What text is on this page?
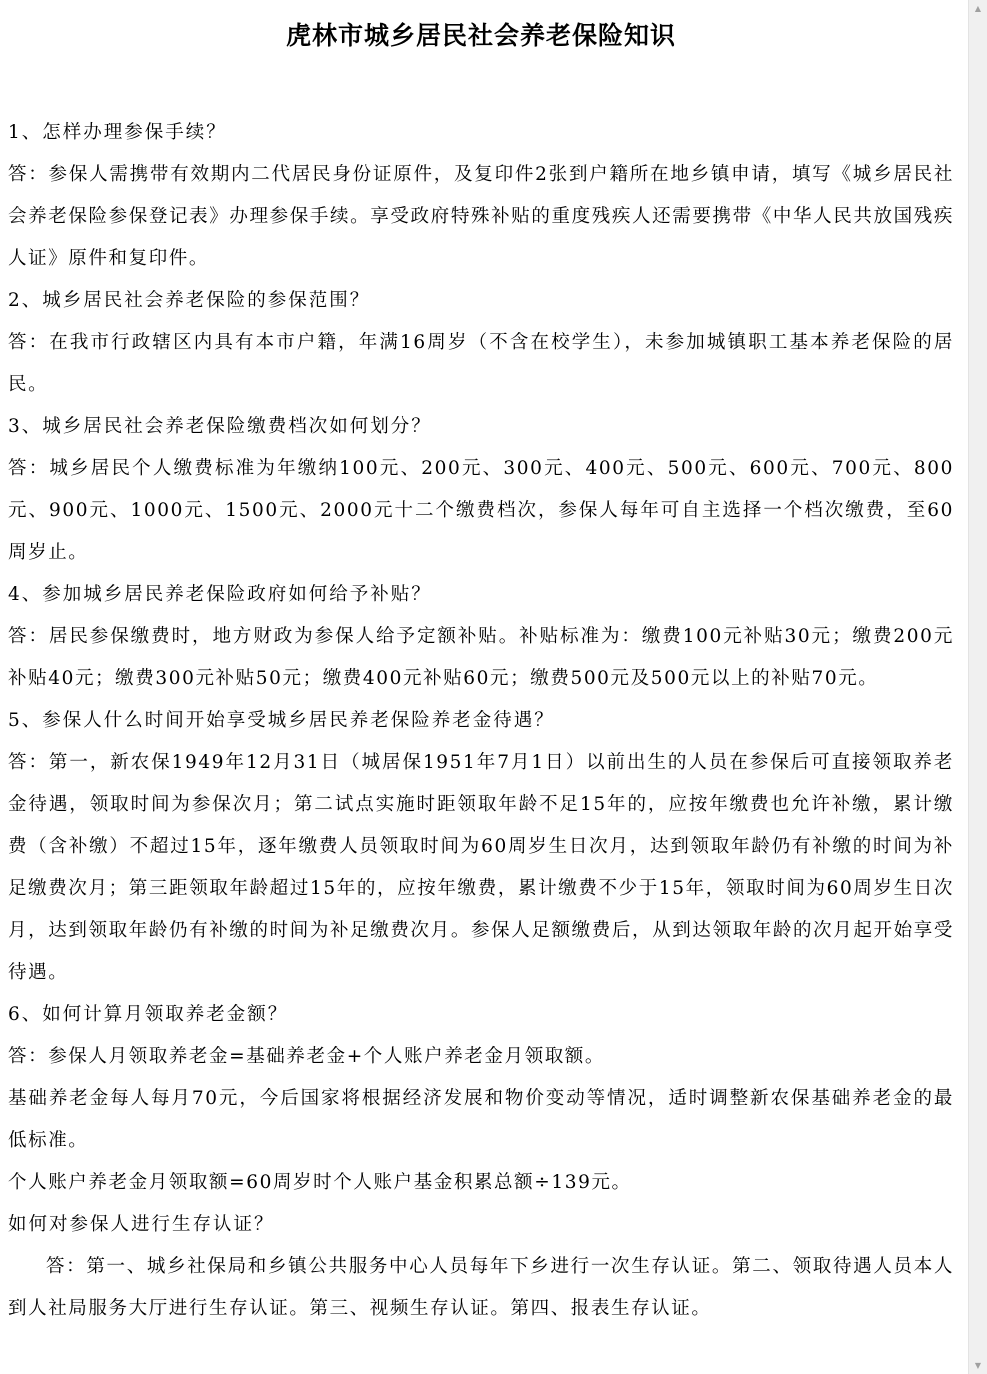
虎林市城乡居民社会养老保险知识

1、怎样办理参保手续？

答：参保人需携带有效期内二代居民身份证原件，及复印件2张到户籍所在地乡镇申请，填写《城乡居民社会养老保险参保登记表》办理参保手续。享受政府特殊补贴的重度残疾人还需要携带《中华人民共放国残疾人证》原件和复印件。

2、城乡居民社会养老保险的参保范围？

答：在我市行政辖区内具有本市户籍，年满16周岁（不含在校学生），未参加城镇职工基本养老保险的居民。

3、城乡居民社会养老保险缴费档次如何划分？

答：城乡居民个人缴费标准为年缴纳100元、200元、300元、400元、500元、600元、700元、800元、900元、1000元、1500元、2000元十二个缴费档次，参保人每年可自主选择一个档次缴费，至60周岁止。

4、参加城乡居民养老保险政府如何给予补贴？

答：居民参保缴费时，地方财政为参保人给予定额补贴。补贴标准为：缴费100元补贴30元；缴费200元补贴40元；缴费300元补贴50元；缴费400元补贴60元；缴费500元及500元以上的补贴70元。

5、参保人什么时间开始享受城乡居民养老保险养老金待遇？

答：第一，新农保1949年12月31日（城居保1951年7月1日）以前出生的人员在参保后可直接领取养老金待遇，领取时间为参保次月；第二试点实施时距领取年龄不足15年的，应按年缴费也允许补缴，累计缴费（含补缴）不超过15年，逐年缴费人员领取时间为60周岁生日次月，达到领取年龄仍有补缴的时间为补足缴费次月；第三距领取年龄超过15年的，应按年缴费，累计缴费不少于15年，领取时间为60周岁生日次月，达到领取年龄仍有补缴的时间为补足缴费次月。参保人足额缴费后，从到达领取年龄的次月起开始享受待遇。

6、如何计算月领取养老金额？

答：参保人月领取养老金=基础养老金+个人账户养老金月领取额。

基础养老金每人每月70元，今后国家将根据经济发展和物价变动等情况，适时调整新农保基础养老金的最低标准。

个人账户养老金月领取额=60周岁时个人账户基金积累总额÷139元。

如何对参保人进行生存认证？

答：第一、城乡社保局和乡镇公共服务中心人员每年下乡进行一次生存认证。第二、领取待遇人员本人到人社局服务大厅进行生存认证。第三、视频生存认证。第四、报表生存认证。

▲
▼
